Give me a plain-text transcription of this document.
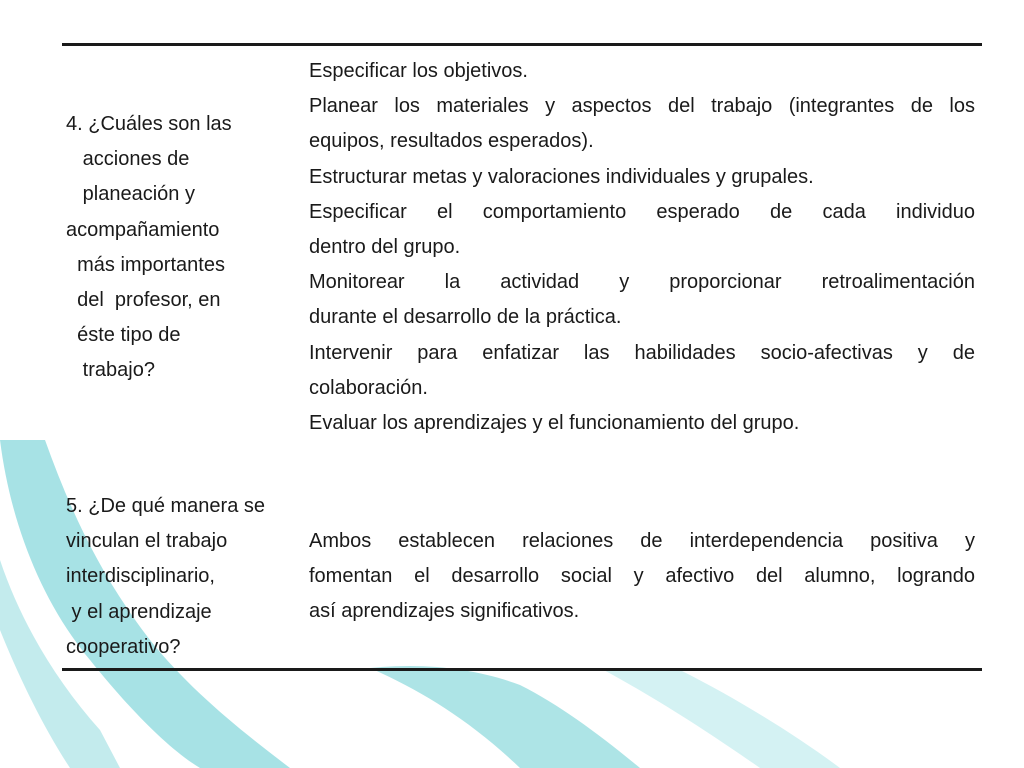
4. ¿Cuáles son las
acciones de
planeación y
acompañamiento
más importantes
del  profesor, en
éste tipo de
trabajo?
Especificar los objetivos.
Planear los materiales y aspectos del trabajo (integrantes de los
equipos, resultados esperados).
Estructurar metas y valoraciones individuales y grupales.
Especificar el comportamiento esperado de cada individuo
dentro del grupo.
Monitorear la actividad y proporcionar retroalimentación
durante el desarrollo de la práctica.
Intervenir para enfatizar las habilidades socio-afectivas y de
colaboración.
Evaluar los aprendizajes y el funcionamiento del grupo.
5. ¿De qué manera se
vinculan el trabajo
interdisciplinario,
y el aprendizaje
cooperativo?
Ambos establecen relaciones de interdependencia positiva y
fomentan el desarrollo social y afectivo del alumno, logrando
así aprendizajes significativos.
